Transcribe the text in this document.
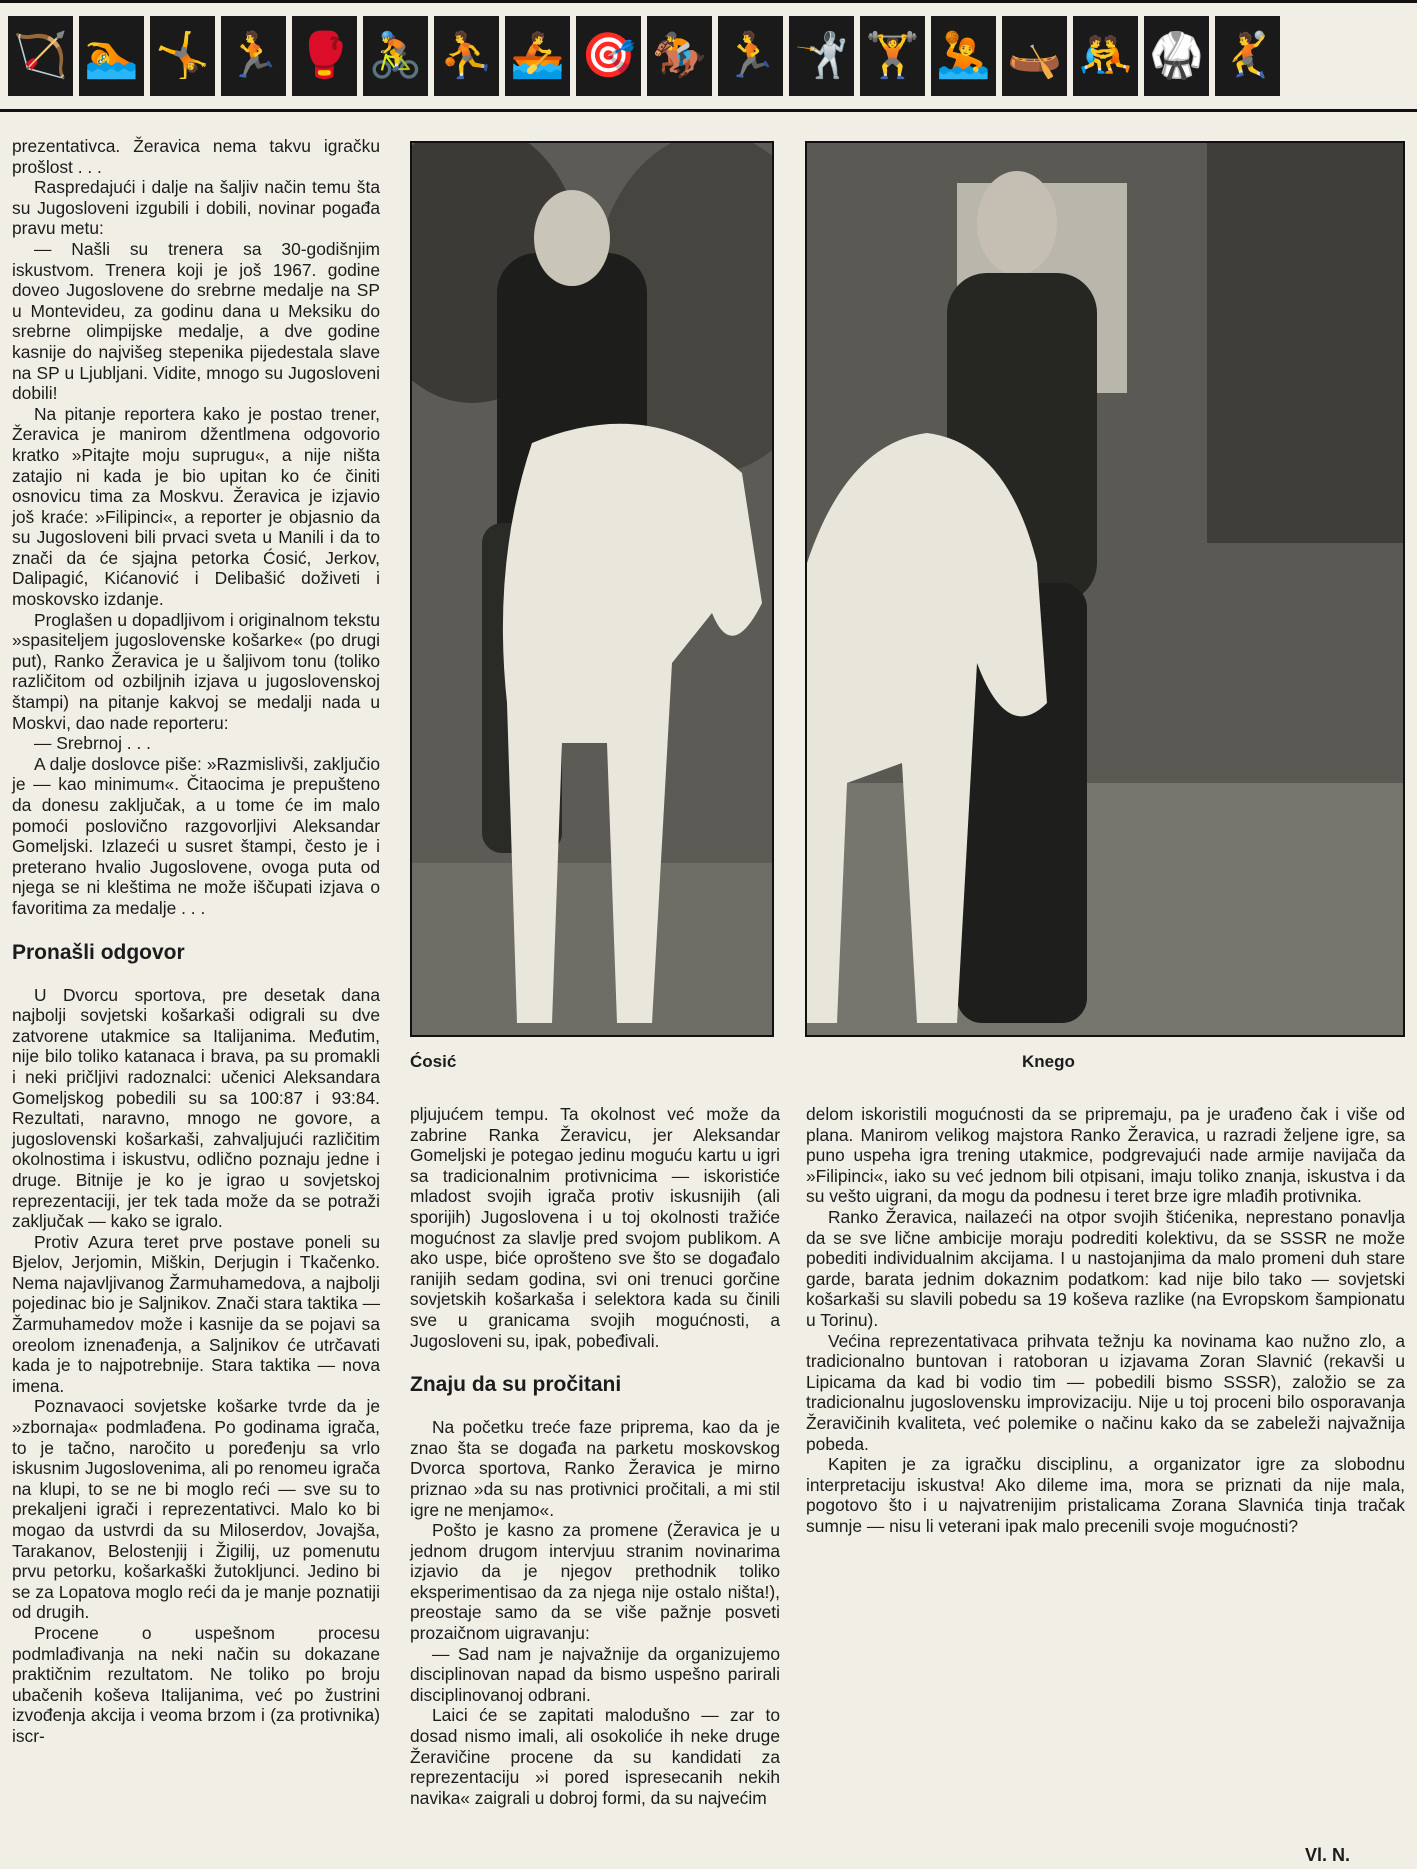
🏹 🏊 🤸 🏃 🥊 🚴 ⛹ 🚣 🎯 🏇 🏃 🤺 🏋 🤽 🛶 🤼 🥋 🤾

prezentativca. Žeravica nema takvu igračku prošlost . . .

Raspredajući i dalje na šaljiv način temu šta su Jugosloveni izgubili i dobili, novinar pogađa pravu metu:

— Našli su trenera sa 30-godišnjim iskustvom. Trenera koji je još 1967. godine doveo Jugoslovene do srebrne medalje na SP u Montevideu, za godinu dana u Meksiku do srebrne olimpijske medalje, a dve godine kasnije do najvišeg stepenika pijedestala slave na SP u Ljubljani. Vidite, mnogo su Jugosloveni dobili!

Na pitanje reportera kako je postao trener, Žeravica je manirom džentlmena odgovorio kratko »Pitajte moju suprugu«, a nije ništa zatajio ni kada je bio upitan ko će činiti osnovicu tima za Moskvu. Žeravica je izjavio još kraće: »Filipinci«, a reporter je objasnio da su Jugosloveni bili prvaci sveta u Manili i da to znači da će sjajna petorka Ćosić, Jerkov, Dalipagić, Kićanović i Delibašić doživeti i moskovsko izdanje.

Proglašen u dopadljivom i originalnom tekstu »spasiteljem jugoslovenske košarke« (po drugi put), Ranko Žeravica je u šaljivom tonu (toliko različitom od ozbiljnih izjava u jugoslovenskoj štampi) na pitanje kakvoj se medalji nada u Moskvi, dao nade reporteru:

— Srebrnoj . . .

A dalje doslovce piše: »Razmislivši, zaključio je — kao minimum«. Čitaocima je prepušteno da donesu zaključak, a u tome će im malo pomoći poslovično razgovorljivi Aleksandar Gomeljski. Izlazeći u susret štampi, često je i preterano hvalio Jugoslovene, ovoga puta od njega se ni kleštima ne može iščupati izjava o favoritima za medalje . . .

Pronašli odgovor

U Dvorcu sportova, pre desetak dana najbolji sovjetski košarkaši odigrali su dve zatvorene utakmice sa Italijanima. Međutim, nije bilo toliko katanaca i brava, pa su promakli i neki pričljivi radoznalci: učenici Aleksandara Gomeljskog pobedili su sa 100:87 i 93:84. Rezultati, naravno, mnogo ne govore, a jugoslovenski košarkaši, zahvaljujući različitim okolnostima i iskustvu, odlično poznaju jedne i druge. Bitnije je ko je igrao u sovjetskoj reprezentaciji, jer tek tada može da se potraži zaključak — kako se igralo.

Protiv Azura teret prve postave poneli su Bjelov, Jerjomin, Miškin, Derjugin i Tkačenko. Nema najavljivanog Žarmuhamedova, a najbolji pojedinac bio je Saljnikov. Znači stara taktika — Žarmuhamedov može i kasnije da se pojavi sa oreolom iznenađenja, a Saljnikov će utrčavati kada je to najpotrebnije. Stara taktika — nova imena.

Poznavaoci sovjetske košarke tvrde da je »zbornaja« podmlađena. Po godinama igrača, to je tačno, naročito u poređenju sa vrlo iskusnim Jugoslovenima, ali po renomeu igrača na klupi, to se ne bi moglo reći — sve su to prekaljeni igrači i reprezentativci. Malo ko bi mogao da ustvrdi da su Miloserdov, Jovajša, Tarakanov, Belostenjij i Žigilij, uz pomenutu prvu petorku, košarkaški žutokljunci. Jedino bi se za Lopatova moglo reći da je manje poznatiji od drugih.

Procene o uspešnom procesu podmlađivanja na neki način su dokazane praktičnim rezultatom. Ne toliko po broju ubačenih koševa Italijanima, već po žustrini izvođenja akcija i veoma brzom i (za protivnika) iscr-

Ćosić	Knego

pljujućem tempu. Ta okolnost već može da zabrine Ranka Žeravicu, jer Aleksandar Gomeljski je potegao jedinu moguću kartu u igri sa tradicionalnim protivnicima — iskoristiće mladost svojih igrača protiv iskusnijih (ali sporijih) Jugoslovena i u toj okolnosti tražiće mogućnost za slavlje pred svojom publikom. A ako uspe, biće oprošteno sve što se događalo ranijih sedam godina, svi oni trenuci gorčine sovjetskih košarkaša i selektora kada su činili sve u granicama svojih mogućnosti, a Jugosloveni su, ipak, pobeđivali.

Znaju da su pročitani

Na početku treće faze priprema, kao da je znao šta se događa na parketu moskovskog Dvorca sportova, Ranko Žeravica je mirno priznao »da su nas protivnici pročitali, a mi stil igre ne menjamo«.

Pošto je kasno za promene (Žeravica je u jednom drugom intervjuu stranim novinarima izjavio da je njegov prethodnik toliko eksperimentisao da za njega nije ostalo ništa!), preostaje samo da se više pažnje posveti prozaičnom uigravanju:

— Sad nam je najvažnije da organizujemo disciplinovan napad da bismo uspešno parirali disciplinovanoj odbrani.

Laici će se zapitati malodušno — zar to dosad nismo imali, ali osokoliće ih neke druge Žeravičine procene da su kandidati za reprezentaciju »i pored ispresecanih nekih navika« zaigrali u dobroj formi, da su najvećim

delom iskoristili mogućnosti da se pripremaju, pa je urađeno čak i više od plana. Manirom velikog majstora Ranko Žeravica, u razradi željene igre, sa puno uspeha igra trening utakmice, podgrevajući nade armije navijača da »Filipinci«, iako su već jednom bili otpisani, imaju toliko znanja, iskustva i da su vešto uigrani, da mogu da podnesu i teret brze igre mlađih protivnika.

Ranko Žeravica, nailazeći na otpor svojih štićenika, neprestano ponavlja da se sve lične ambicije moraju podrediti kolektivu, da se SSSR ne može pobediti individualnim akcijama. I u nastojanjima da malo promeni duh stare garde, barata jednim dokaznim podatkom: kad nije bilo tako — sovjetski košarkaši su slavili pobedu sa 19 koševa razlike (na Evropskom šampionatu u Torinu).

Većina reprezentativaca prihvata težnju ka novinama kao nužno zlo, a tradicionalno buntovan i ratoboran u izjavama Zoran Slavnić (rekavši u Lipicama da kad bi vodio tim — pobedili bismo SSSR), založio se za tradicionalnu jugoslovensku improvizaciju. Nije u toj proceni bilo osporavanja Žeravičinih kvaliteta, već polemike o načinu kako da se zabeleži najvažnija pobeda.

Kapiten je za igračku disciplinu, a organizator igre za slobodnu interpretaciju iskustva! Ako dileme ima, mora se priznati da nije mala, pogotovo što i u najvatrenijim pristalicama Zorana Slavnića tinja tračak sumnje — nisu li veterani ipak malo precenili svoje mogućnosti?

Vl. N.
